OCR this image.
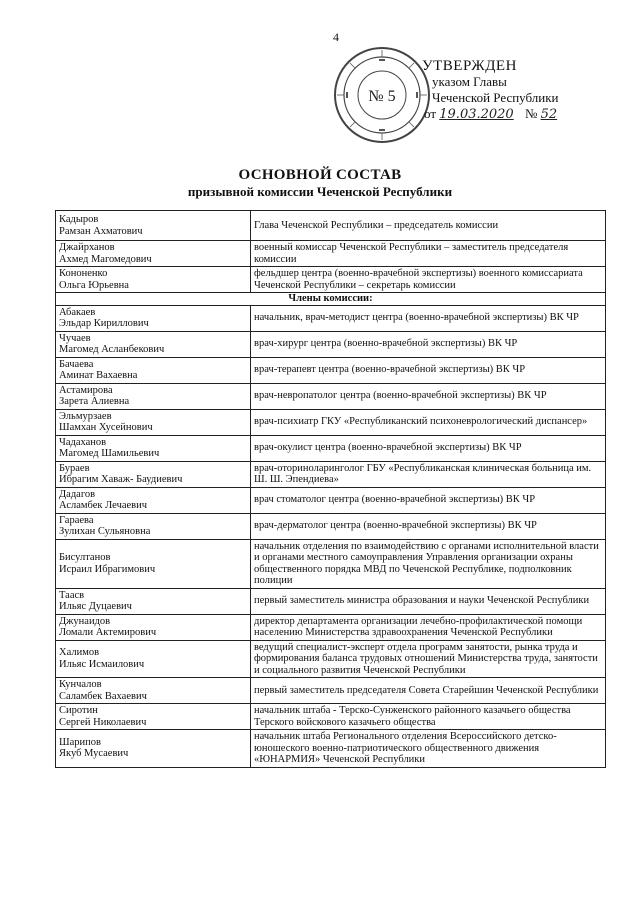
4
№ 5
УТВЕРЖДЕН
указом Главы
Чеченской Республики
от 19.03.2020 № 52
ОСНОВНОЙ СОСТАВ
призывной комиссии Чеченской Республики
Кадыров
Рамзан Ахматович	Глава Чеченской Республики – председатель комиссии

Джайрханов
Ахмед Магомедович	военный комиссар Чеченской Республики – заместитель председателя комиссии

Кононенко
Ольга Юрьевна	фельдшер центра (военно-врачебной экспертизы) военного комиссариата Чеченской Республики – секретарь комиссии
Члены комиссии:	

Абакаев
Эльдар Кириллович	начальник, врач-методист центра (военно-врачебной экспертизы) ВК ЧР

Чучаев
Магомед Асланбекович	врач-хирург центра (военно-врачебной экспертизы) ВК ЧР

Бачаева
Аминат Вахаевна	врач-терапевт центра (военно-врачебной экспертизы) ВК ЧР

Астамирова
Зарета Алиевна	врач-невропатолог центра (военно-врачебной экспертизы) ВК ЧР

Эльмурзаев
Шамхан Хусейнович	врач-психиатр ГКУ «Республиканский психоневрологический диспансер»

Чадаханов
Магомед Шамильевич	врач-окулист центра (военно-врачебной экспертизы) ВК ЧР

Бураев
Ибрагим Хаваж- Баудиевич	врач-оториноларинголог ГБУ «Республиканская клиническая больница им. Ш. Ш. Эпендиева»

Дадагов
Асламбек Лечаевич	врач стоматолог центра (военно-врачебной экспертизы) ВК ЧР

Гараева
Зулихан Сульяновна	врач-дерматолог центра (военно-врачебной экспертизы) ВК ЧР

Бисултанов
Исраил Ибрагимович	начальник отделения по взаимодействию с органами исполнительной власти и органами местного самоуправления Управления организации охраны общественного порядка МВД по Чеченской Республике, подполковник полиции

Таасв
Ильяс Дуцаевич	первый заместитель министра образования и науки Чеченской Республики

Джунаидов
Ломали Актемирович	директор департамента организации лечебно-профилактической помощи населению Министерства здравоохранения Чеченской Республики

Халимов
Ильяс Исмаилович	ведущий специалист-эксперт отдела программ занятости, рынка труда и формирования баланса трудовых отношений Министерства труда, занятости и социального развития Чеченской Республики

Кунчалов
Саламбек Вахаевич	первый заместитель председателя Совета Старейшин Чеченской Республики

Сиротин
Сергей Николаевич	начальник штаба - Терско-Сунженского районного казачьего общества Терского войскового казачьего общества

Шарипов
Якуб Мусаевич	начальник штаба Регионального отделения Всероссийского детско-юношеского военно-патриотического общественного движения «ЮНАРМИЯ» Чеченской Республики
